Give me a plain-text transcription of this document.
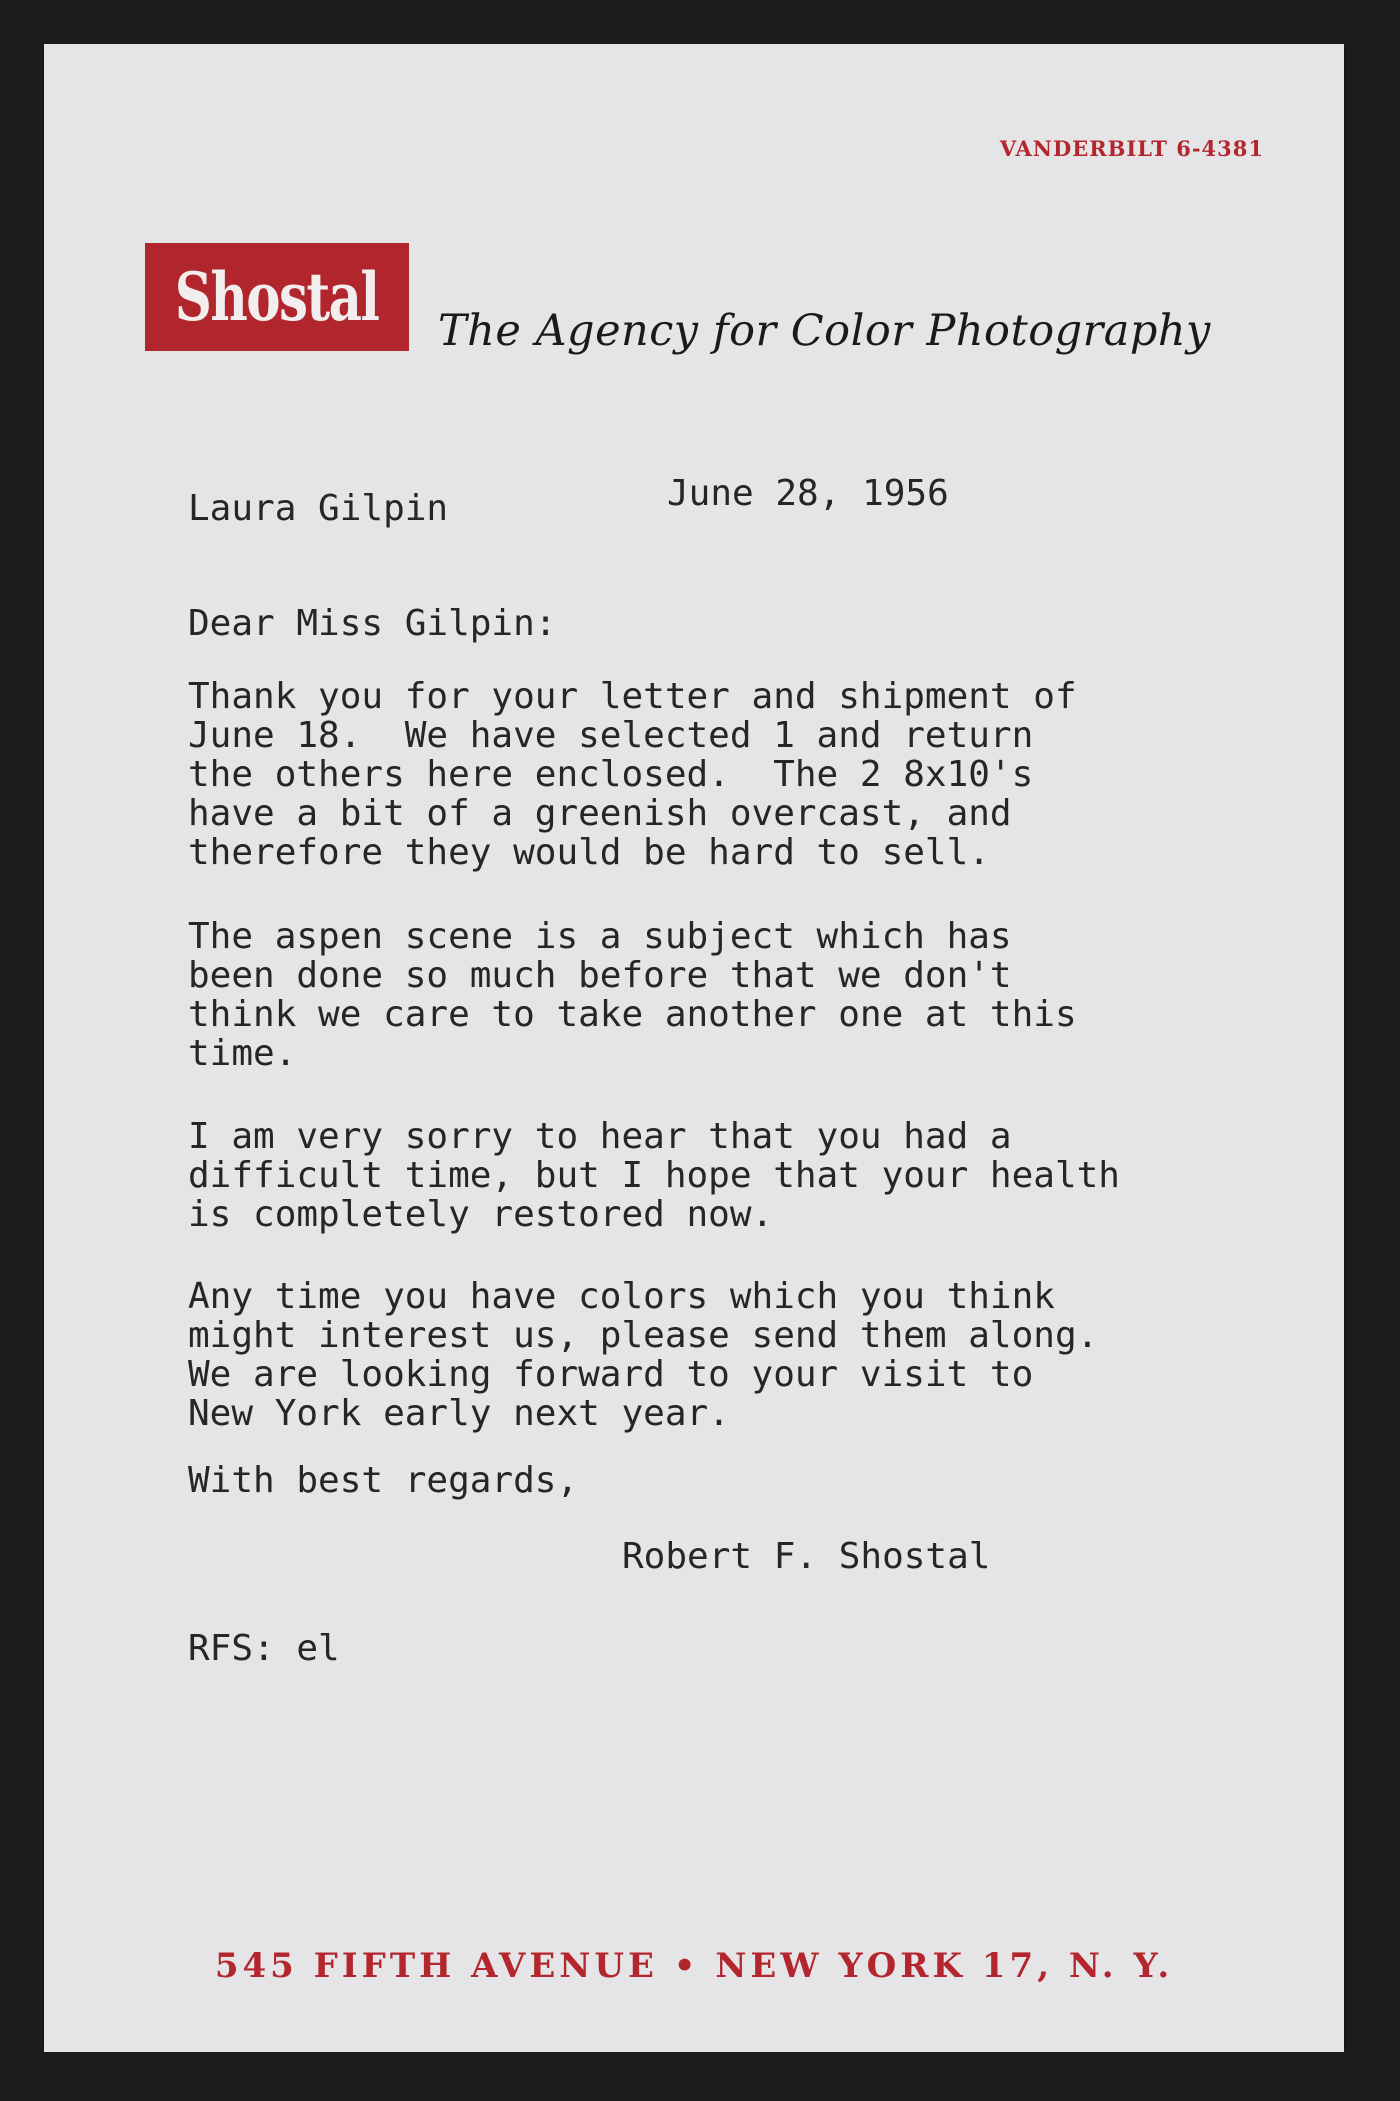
VANDERBILT 6-4381
Shostal The Agency for Color Photography
Laura Gilpin	June 28, 1956
Dear Miss Gilpin:
Thank you for your letter and shipment of
June 18.  We have selected 1 and return
the others here enclosed.  The 2 8x10's
have a bit of a greenish overcast, and
therefore they would be hard to sell.
The aspen scene is a subject which has
been done so much before that we don't
think we care to take another one at this
time.
I am very sorry to hear that you had a
difficult time, but I hope that your health
is completely restored now.
Any time you have colors which you think
might interest us, please send them along.
We are looking forward to your visit to
New York early next year.
With best regards,
Robert F. Shostal
RFS: el
545 FIFTH AVENUE • NEW YORK 17, N. Y.
